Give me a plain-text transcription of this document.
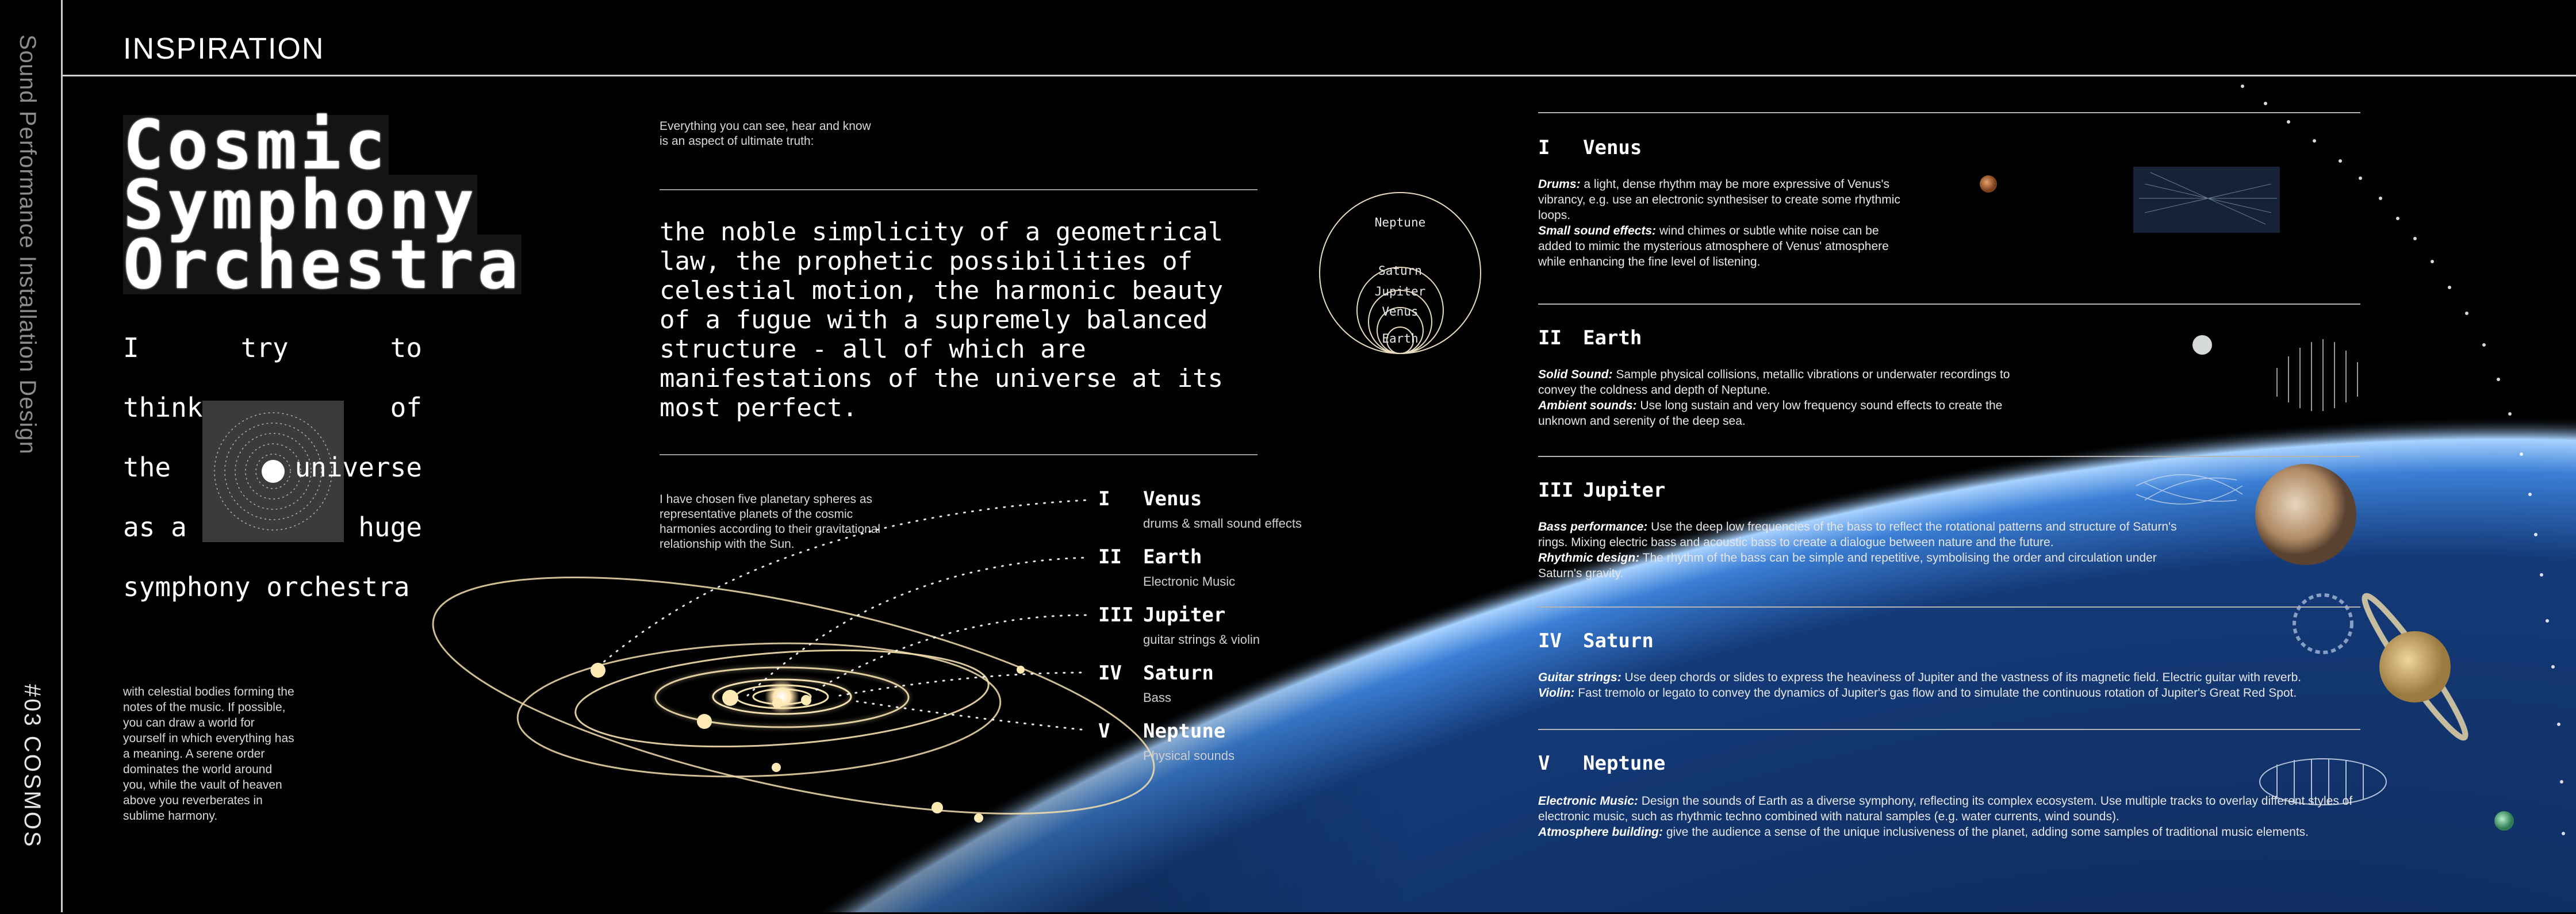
Sound Performance Installation Design
#03 COSMOS
INSPIRATION
Cosmic
Symphony
Orchestra
I	try	to
think	of
the	universe
as a	huge
symphony orchestra
with celestial bodies forming the notes of the music. If possible, you can draw a world for yourself in which everything has a meaning. A serene order dominates the world around you, while the vault of heaven above you reverberates in sublime harmony.
Everything you can see, hear and know is an aspect of ultimate truth:
the noble simplicity of a geometrical law, the prophetic possibilities of celestial motion, the harmonic beauty of a fugue with a supremely balanced structure - all of which are manifestations of the universe at its most perfect.
I have chosen five planetary spheres as representative planets of the cosmic harmonies according to their gravitational relationship with the Sun.
Neptune
Saturn
Jupiter
Venus
Earth
I Venus
drums & small sound effects
II Earth
Electronic Music
III Jupiter
guitar strings & violin
IV Saturn
Bass
V Neptune
Physical sounds
I Venus
Drums: a light, dense rhythm may be more expressive of Venus's vibrancy, e.g. use an electronic synthesiser to create some rhythmic loops.
Small sound effects: wind chimes or subtle white noise can be added to mimic the mysterious atmosphere of Venus' atmosphere while enhancing the fine level of listening.
II Earth
Solid Sound: Sample physical collisions, metallic vibrations or underwater recordings to convey the coldness and depth of Neptune.
Ambient sounds: Use long sustain and very low frequency sound effects to create the unknown and serenity of the deep sea.
III Jupiter
Bass performance: Use the deep low frequencies of the bass to reflect the rotational patterns and structure of Saturn's rings. Mixing electric bass and acoustic bass to create a dialogue between nature and the future.
Rhythmic design: The rhythm of the bass can be simple and repetitive, symbolising the order and circulation under Saturn's gravity.
IV Saturn
Guitar strings: Use deep chords or slides to express the heaviness of Jupiter and the vastness of its magnetic field. Electric guitar with reverb.
Violin: Fast tremolo or legato to convey the dynamics of Jupiter's gas flow and to simulate the continuous rotation of Jupiter's Great Red Spot.
V Neptune
Electronic Music: Design the sounds of Earth as a diverse symphony, reflecting its complex ecosystem. Use multiple tracks to overlay different styles of electronic music, such as rhythmic techno combined with natural samples (e.g. water currents, wind sounds).
Atmosphere building: give the audience a sense of the unique inclusiveness of the planet, adding some samples of traditional music elements.
